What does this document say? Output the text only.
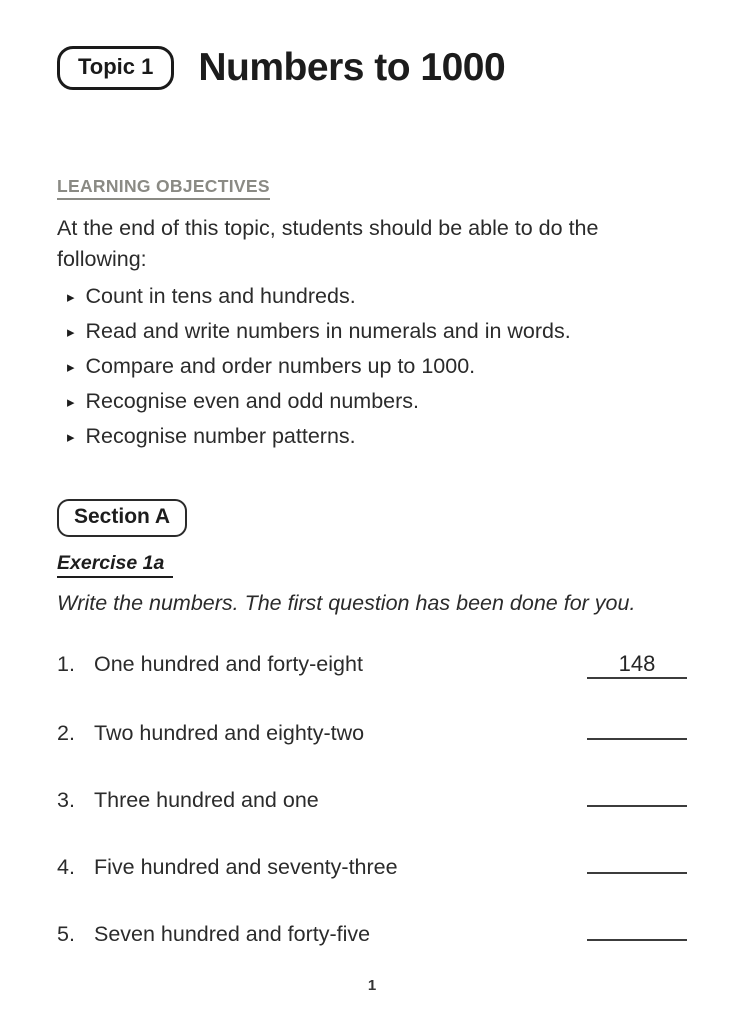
Topic 1	Numbers to 1000
LEARNING OBJECTIVES
At the end of this topic, students should be able to do the following:
▸ Count in tens and hundreds.
▸ Read and write numbers in numerals and in words.
▸ Compare and order numbers up to 1000.
▸ Recognise even and odd numbers.
▸ Recognise number patterns.
Section A
Exercise 1a
Write the numbers. The first question has been done for you.
1. One hundred and forty-eight	148
2. Two hundred and eighty-two
3. Three hundred and one
4. Five hundred and seventy-three
5. Seven hundred and forty-five
1
